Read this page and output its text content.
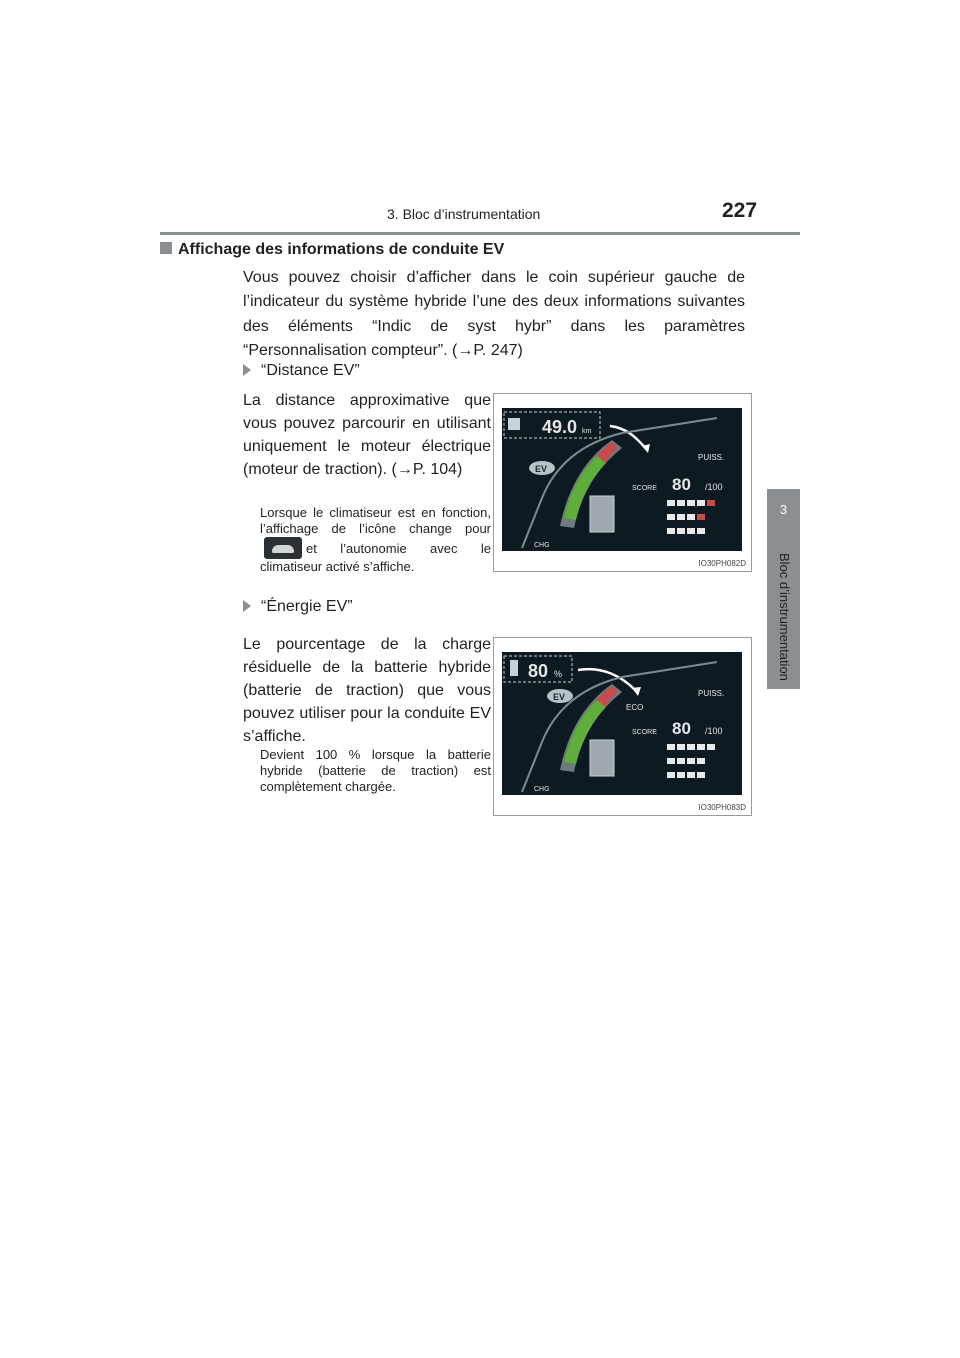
3. Bloc d’instrumentation	227
3
Bloc d’instrumentation
Affichage des informations de conduite EV
Vous pouvez choisir d’afficher dans le coin supérieur gauche de l’indicateur du système hybride l’une des deux informations suivantes des éléments “Indic de syst hybr” dans les paramètres “Personnalisation compteur”. (→P. 247)
“Distance EV”
La distance approximative que vous pouvez parcourir en utilisant uniquement le moteur électrique (moteur de traction). (→P. 104)
Lorsque le climatiseur est en fonction, l’affichage de l’icône change pouret l’autonomie avec le climatiseur activé s’affiche.
“Énergie EV”
Le pourcentage de la charge résiduelle de la batterie hybride (batterie de traction) que vous pouvez utiliser pour la conduite EV s’affiche.
Devient 100 % lorsque la batterie hybride (batterie de traction) est complètement chargée.
49.0 km
EV
PUISS.
SCORE 80 /100
CHG
IO30PH082D
80 %
EV
ECO
PUISS.
SCORE 80 /100
CHG
IO30PH083D
